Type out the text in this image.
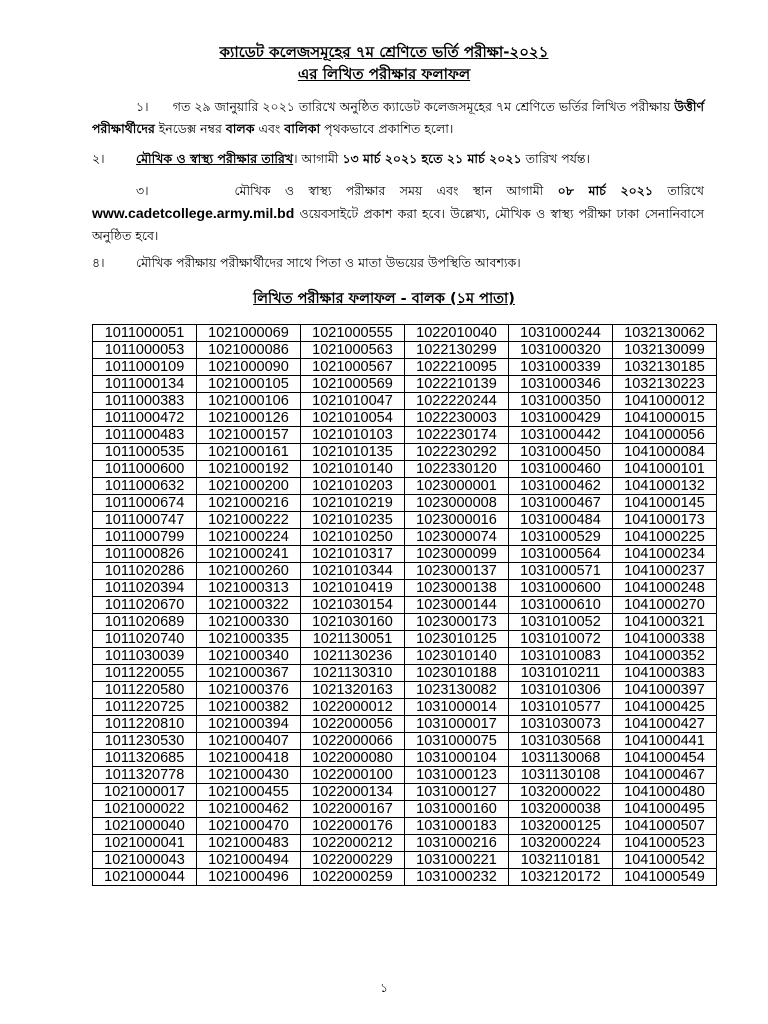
ক্যাডেট কলেজসমূহের ৭ম শ্রেণিতে ভর্তি পরীক্ষা-২০২১
এর লিখিত পরীক্ষার ফলাফল
১। গত ২৯ জানুয়ারি ২০২১ তারিখে অনুষ্ঠিত ক্যাডেট কলেজসমূহের ৭ম শ্রেণিতে ভর্তির লিখিত পরীক্ষায় উত্তীর্ণ পরীক্ষার্থীদের ইনডেক্স নম্বর বালক এবং বালিকা পৃথকভাবে প্রকাশিত হলো।
২।	মৌখিক ও স্বাস্থ্য পরীক্ষার তারিখ। আগামী ১৩ মার্চ ২০২১ হতে ২১ মার্চ ২০২১ তারিখ পর্যন্ত।
৩।	মৌখিক ও স্বাস্থ্য পরীক্ষার সময় এবং স্থান আগামী ০৮ মার্চ ২০২১ তারিখে www.cadetcollege.army.mil.bd ওয়েবসাইটে প্রকাশ করা হবে। উল্লেখ্য, মৌখিক ও স্বাস্থ্য পরীক্ষা ঢাকা সেনানিবাসে অনুষ্ঠিত হবে।
৪।	মৌখিক পরীক্ষায় পরীক্ষার্থীদের সাথে পিতা ও মাতা উভয়ের উপস্থিতি আবশ্যক।
লিখিত পরীক্ষার ফলাফল - বালক (১ম পাতা)
1011000051	1021000069	1021000555	1022010040	1031000244	1032130062
1011000053	1021000086	1021000563	1022130299	1031000320	1032130099
1011000109	1021000090	1021000567	1022210095	1031000339	1032130185
1011000134	1021000105	1021000569	1022210139	1031000346	1032130223
1011000383	1021000106	1021010047	1022220244	1031000350	1041000012
1011000472	1021000126	1021010054	1022230003	1031000429	1041000015
1011000483	1021000157	1021010103	1022230174	1031000442	1041000056
1011000535	1021000161	1021010135	1022230292	1031000450	1041000084
1011000600	1021000192	1021010140	1022330120	1031000460	1041000101
1011000632	1021000200	1021010203	1023000001	1031000462	1041000132
1011000674	1021000216	1021010219	1023000008	1031000467	1041000145
1011000747	1021000222	1021010235	1023000016	1031000484	1041000173
1011000799	1021000224	1021010250	1023000074	1031000529	1041000225
1011000826	1021000241	1021010317	1023000099	1031000564	1041000234
1011020286	1021000260	1021010344	1023000137	1031000571	1041000237
1011020394	1021000313	1021010419	1023000138	1031000600	1041000248
1011020670	1021000322	1021030154	1023000144	1031000610	1041000270
1011020689	1021000330	1021030160	1023000173	1031010052	1041000321
1011020740	1021000335	1021130051	1023010125	1031010072	1041000338
1011030039	1021000340	1021130236	1023010140	1031010083	1041000352
1011220055	1021000367	1021130310	1023010188	1031010211	1041000383
1011220580	1021000376	1021320163	1023130082	1031010306	1041000397
1011220725	1021000382	1022000012	1031000014	1031010577	1041000425
1011220810	1021000394	1022000056	1031000017	1031030073	1041000427
1011230530	1021000407	1022000066	1031000075	1031030568	1041000441
1011320685	1021000418	1022000080	1031000104	1031130068	1041000454
1011320778	1021000430	1022000100	1031000123	1031130108	1041000467
1021000017	1021000455	1022000134	1031000127	1032000022	1041000480
1021000022	1021000462	1022000167	1031000160	1032000038	1041000495
1021000040	1021000470	1022000176	1031000183	1032000125	1041000507
1021000041	1021000483	1022000212	1031000216	1032000224	1041000523
1021000043	1021000494	1022000229	1031000221	1032110181	1041000542
1021000044	1021000496	1022000259	1031000232	1032120172	1041000549
১
